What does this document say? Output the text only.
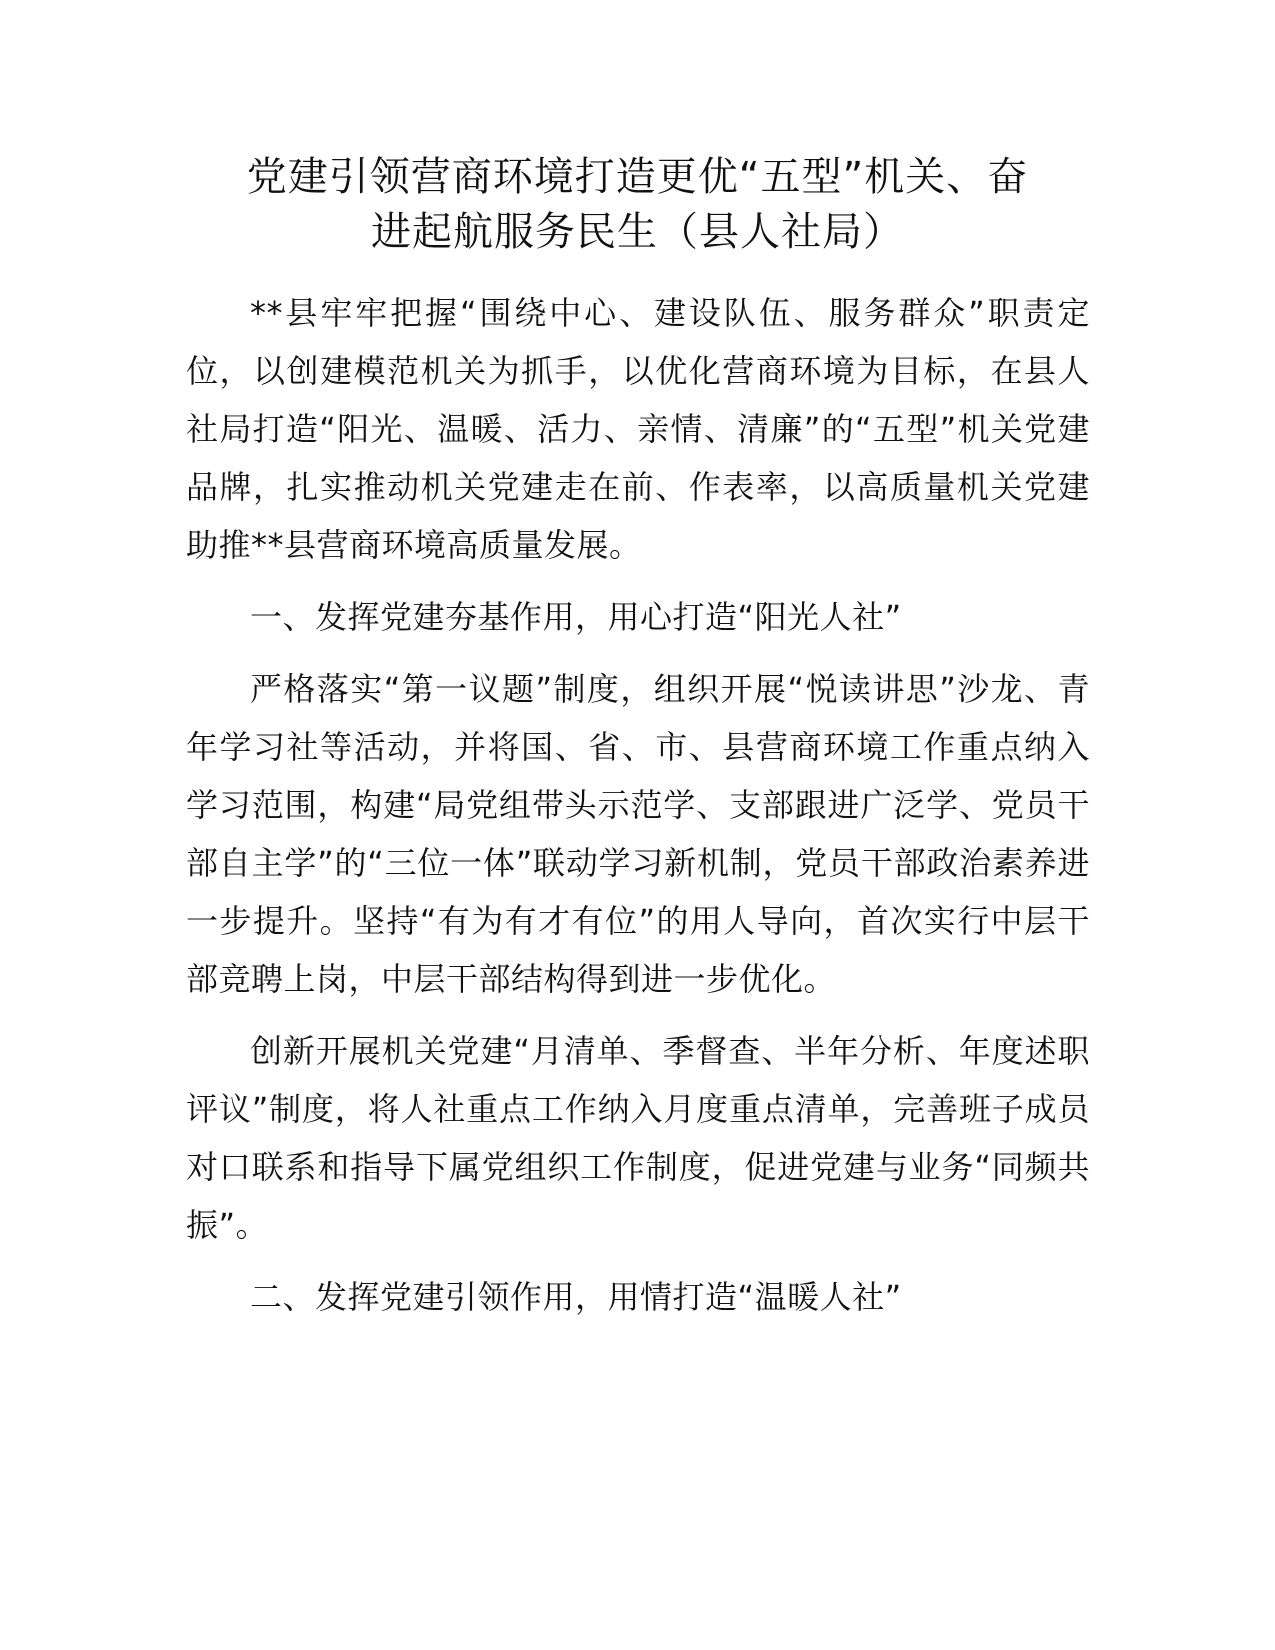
党建引领营商环境打造更优“五型”机关、奋
进起航服务民生（县人社局）

**县牢牢把握“围绕中心、建设队伍、服务群众”职责定位，以创建模范机关为抓手，以优化营商环境为目标，在县人社局打造“阳光、温暖、活力、亲情、清廉”的“五型”机关党建品牌，扎实推动机关党建走在前、作表率，以高质量机关党建助推**县营商环境高质量发展。

一、发挥党建夯基作用，用心打造“阳光人社”

严格落实“第一议题”制度，组织开展“悦读讲思”沙龙、青年学习社等活动，并将国、省、市、县营商环境工作重点纳入学习范围，构建“局党组带头示范学、支部跟进广泛学、党员干部自主学”的“三位一体”联动学习新机制，党员干部政治素养进一步提升。坚持“有为有才有位”的用人导向，首次实行中层干部竞聘上岗，中层干部结构得到进一步优化。

创新开展机关党建“月清单、季督查、半年分析、年度述职评议”制度，将人社重点工作纳入月度重点清单，完善班子成员对口联系和指导下属党组织工作制度，促进党建与业务“同频共振”。

二、发挥党建引领作用，用情打造“温暖人社”
